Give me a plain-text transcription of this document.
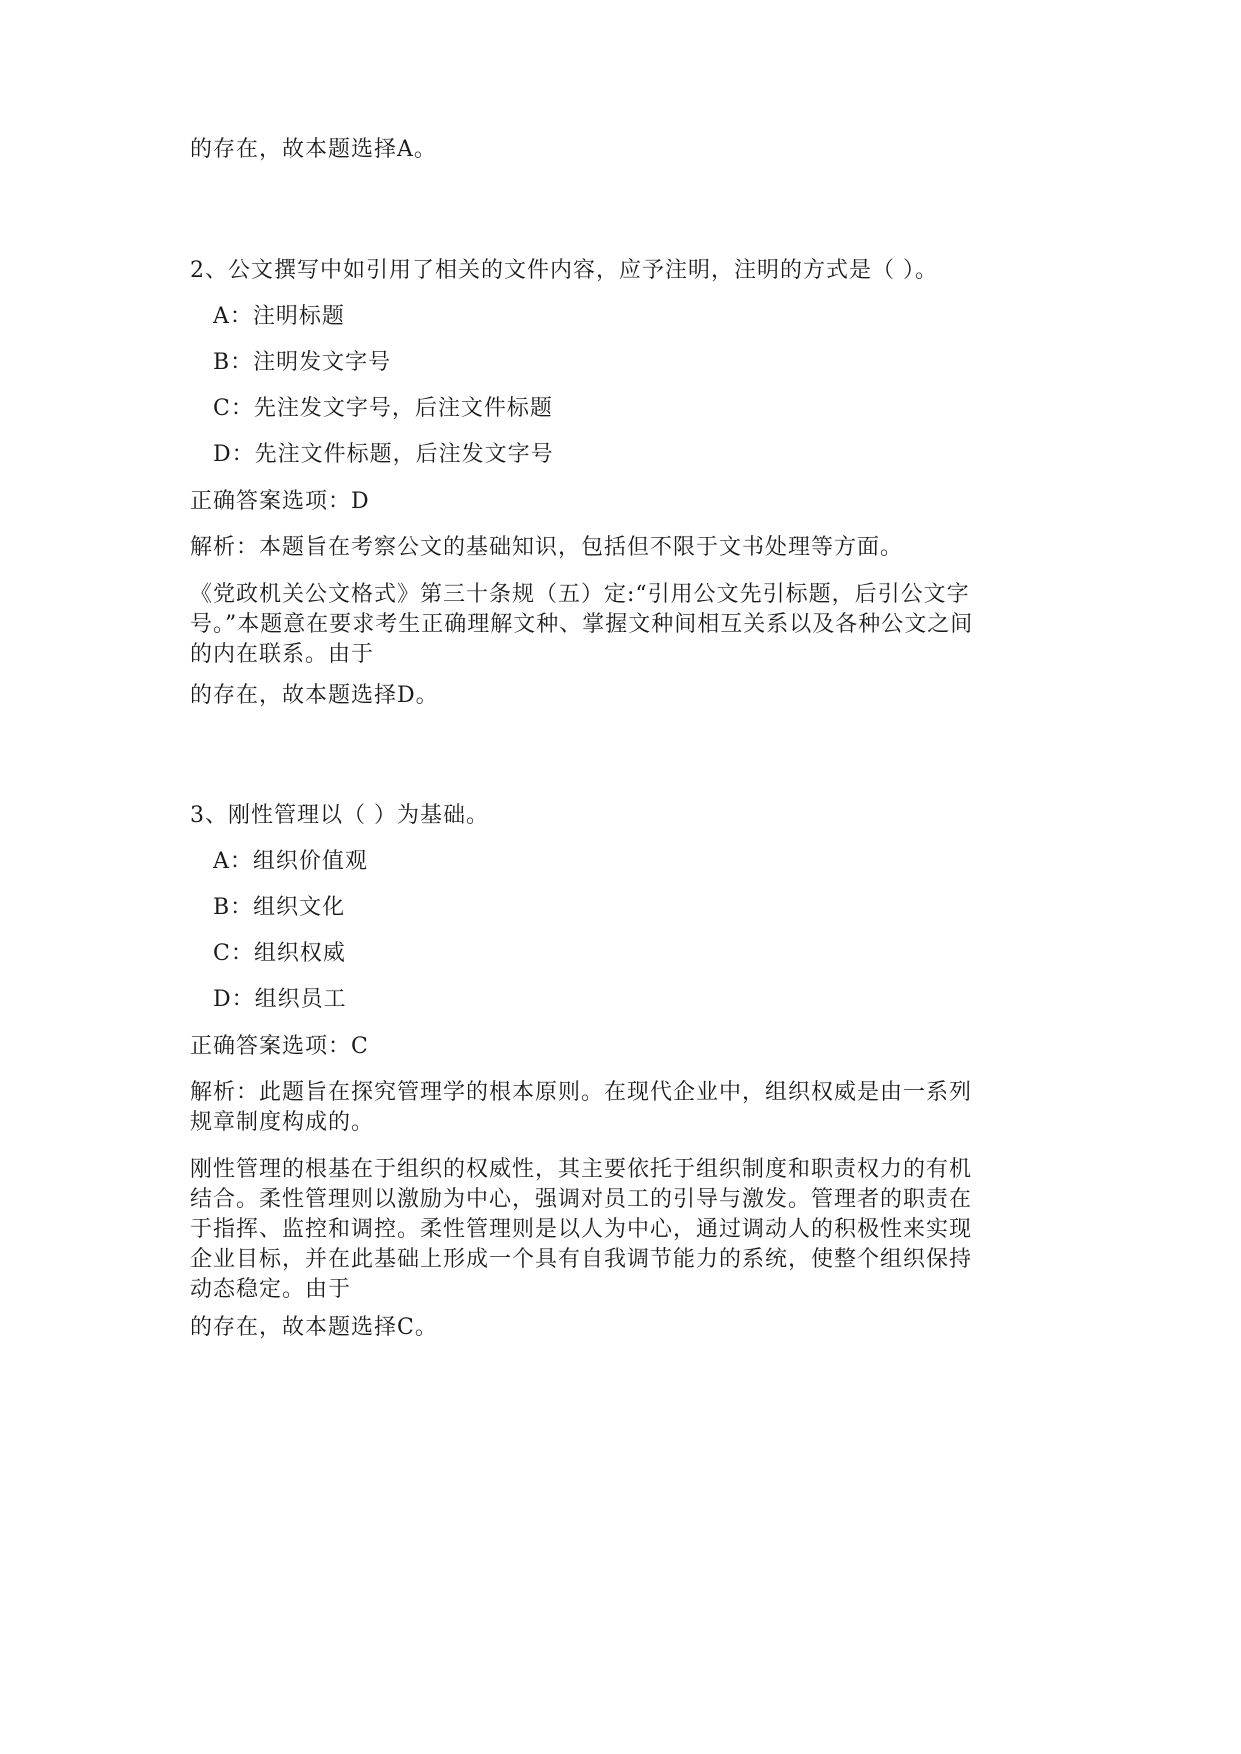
的存在，故本题选择A。
2、公文撰写中如引用了相关的文件内容，应予注明，注明的方式是（ ）。
A：注明标题
B：注明发文字号
C：先注发文字号，后注文件标题
D：先注文件标题，后注发文字号
正确答案选项：D
解析：本题旨在考察公文的基础知识，包括但不限于文书处理等方面。
《党政机关公文格式》第三十条规（五）定:“引用公文先引标题，后引公文字
号。”本题意在要求考生正确理解文种、掌握文种间相互关系以及各种公文之间
的内在联系。由于
的存在，故本题选择D。
3、刚性管理以（ ）为基础。
A：组织价值观
B：组织文化
C：组织权威
D：组织员工
正确答案选项：C
解析：此题旨在探究管理学的根本原则。在现代企业中，组织权威是由一系列
规章制度构成的。
刚性管理的根基在于组织的权威性，其主要依托于组织制度和职责权力的有机
结合。柔性管理则以激励为中心，强调对员工的引导与激发。管理者的职责在
于指挥、监控和调控。柔性管理则是以人为中心，通过调动人的积极性来实现
企业目标，并在此基础上形成一个具有自我调节能力的系统，使整个组织保持
动态稳定。由于
的存在，故本题选择C。
